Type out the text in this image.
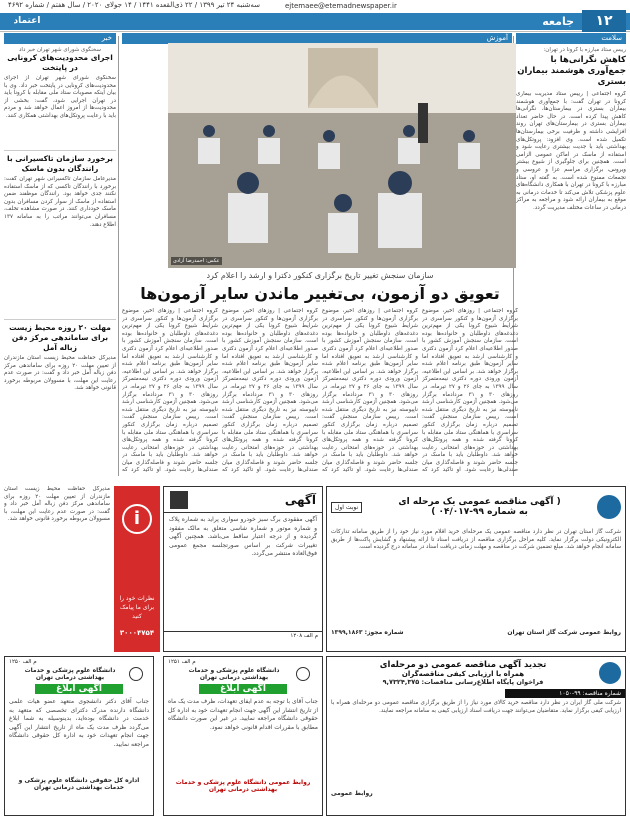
سه‌شنبه ۲۴ تیر ۱۳۹۹ / ۲۲ ذی‌القعده ۱۴۴۱ / ۱۴ جولای ۲۰۲۰ / سال هفتم / شماره ۴۶۹۲	ejtemaee@etemadnewspaper.ir
۱۲
جامعه
اعتماد
سلامت
رییس ستاد مبارزه با کرونا در تهران:
کاهش نگرانی‌ها با جمع‌آوری هوشمند بیماران بستری
گروه اجتماعی | رییس ستاد مدیریت بیماری کرونا در تهران گفت: با جمع‌آوری هوشمند بیماران بستری در بیمارستان‌ها، نگرانی‌ها کاهش پیدا کرده است. در حال حاضر تعداد بیماران بستری در بیمارستان‌های تهران روند افزایشی داشته و ظرفیت برخی بیمارستان‌ها تکمیل شده است. وی افزود: پروتکل‌های بهداشتی باید با جدیت بیشتری رعایت شود و استفاده از ماسک در اماکن عمومی الزامی است. همچنین برای جلوگیری از شیوع بیشتر ویروس، برگزاری مراسم عزا و عروسی و تجمعات ممنوع شده است. به گفته او، ستاد مبارزه با کرونا در تهران با همکاری دانشگاه‌های علوم پزشکی تلاش می‌کند تا خدمات درمانی به موقع به بیماران ارائه شود و مراجعه به مراکز درمانی در ساعات مختلف مدیریت گردد.
خبر
سخنگوی شورای شهر تهران خبر داد
اجرای محدودیت‌های کرونایی در پایتخت
سخنگوی شورای شهر تهران از اجرای محدودیت‌های کرونایی در پایتخت خبر داد. وی با بیان اینکه مصوبات ستاد ملی مقابله با کرونا باید در تهران اجرایی شود، گفت: بخشی از محدودیت‌ها از امروز اعمال خواهد شد و مردم باید با رعایت پروتکل‌های بهداشتی همکاری کنند.
برخورد سازمان تاکسیرانی با رانندگان بدون ماسک
مدیرعامل سازمان تاکسیرانی شهر تهران گفت: برخورد با رانندگان تاکسی که از ماسک استفاده نکنند جدی خواهد بود. رانندگان موظفند ضمن استفاده از ماسک از سوار کردن مسافران بدون ماسک خودداری کنند. در صورت مشاهده تخلف، مسافران می‌توانند مراتب را به سامانه ۱۳۷ اطلاع دهند.
مهلت ۲۰ روزه محیط زیست برای ساماندهی مرکز دفن زباله آمل
مدیرکل حفاظت محیط زیست استان مازندران از تعیین مهلت ۲۰ روزه برای ساماندهی مرکز دفن زباله آمل خبر داد و گفت: در صورت عدم رعایت این مهلت، با مسوولان مربوطه برخورد قانونی خواهد شد.
آموزش
عکس: احمدرضا آزادی
سازمان سنجش تغییر تاریخ برگزاری کنکور دکترا و ارشد را اعلام کرد
تعویق دو آزمون، بی‌تغییر ماندن سایر آزمون‌ها
گروه اجتماعی | روزهای اخیر، موضوع برگزاری آزمون‌ها و کنکور سراسری در شرایط شیوع کرونا یکی از مهم‌ترین دغدغه‌های داوطلبان و خانواده‌ها بوده است. سازمان سنجش آموزش کشور با صدور اطلاعیه‌ای اعلام کرد آزمون دکتری و کارشناسی ارشد به تعویق افتاده اما سایر آزمون‌ها طبق برنامه اعلام شده برگزار خواهد شد. بر اساس این اطلاعیه، آزمون ورودی دوره دکتری نیمه‌متمرکز سال ۱۳۹۹ به جای ۲۶ و ۲۷ تیرماه، در روزهای ۳۰ و ۳۱ مردادماه برگزار می‌شود. همچنین آزمون کارشناسی ارشد ناپیوسته نیز به تاریخ دیگری منتقل شده است. رییس سازمان سنجش گفت: تصمیم درباره زمان برگزاری کنکور سراسری با هماهنگی ستاد ملی مقابله با کرونا گرفته شده و همه پروتکل‌های بهداشتی در حوزه‌های امتحانی رعایت خواهد شد. داوطلبان باید با ماسک در جلسه حاضر شوند و فاصله‌گذاری میان صندلی‌ها رعایت شود. او تاکید کرد که
گروه اجتماعی | روزهای اخیر، موضوع برگزاری آزمون‌ها و کنکور سراسری در شرایط شیوع کرونا یکی از مهم‌ترین دغدغه‌های داوطلبان و خانواده‌ها بوده است. سازمان سنجش آموزش کشور با صدور اطلاعیه‌ای اعلام کرد آزمون دکتری و کارشناسی ارشد به تعویق افتاده اما سایر آزمون‌ها طبق برنامه اعلام شده برگزار خواهد شد. بر اساس این اطلاعیه، آزمون ورودی دوره دکتری نیمه‌متمرکز سال ۱۳۹۹ به جای ۲۶ و ۲۷ تیرماه، در روزهای ۳۰ و ۳۱ مردادماه برگزار می‌شود. همچنین آزمون کارشناسی ارشد ناپیوسته نیز به تاریخ دیگری منتقل شده است. رییس سازمان سنجش گفت: تصمیم درباره زمان برگزاری کنکور سراسری با هماهنگی ستاد ملی مقابله با کرونا گرفته شده و همه پروتکل‌های بهداشتی در حوزه‌های امتحانی رعایت خواهد شد. داوطلبان باید با ماسک در جلسه حاضر شوند و فاصله‌گذاری میان صندلی‌ها رعایت شود. او تاکید کرد که
گروه اجتماعی | روزهای اخیر، موضوع برگزاری آزمون‌ها و کنکور سراسری در شرایط شیوع کرونا یکی از مهم‌ترین دغدغه‌های داوطلبان و خانواده‌ها بوده است. سازمان سنجش آموزش کشور با صدور اطلاعیه‌ای اعلام کرد آزمون دکتری و کارشناسی ارشد به تعویق افتاده اما سایر آزمون‌ها طبق برنامه اعلام شده برگزار خواهد شد. بر اساس این اطلاعیه، آزمون ورودی دوره دکتری نیمه‌متمرکز سال ۱۳۹۹ به جای ۲۶ و ۲۷ تیرماه، در روزهای ۳۰ و ۳۱ مردادماه برگزار می‌شود. همچنین آزمون کارشناسی ارشد ناپیوسته نیز به تاریخ دیگری منتقل شده است. رییس سازمان سنجش گفت: تصمیم درباره زمان برگزاری کنکور سراسری با هماهنگی ستاد ملی مقابله با کرونا گرفته شده و همه پروتکل‌های بهداشتی در حوزه‌های امتحانی رعایت خواهد شد. داوطلبان باید با ماسک در جلسه حاضر شوند و فاصله‌گذاری میان صندلی‌ها رعایت شود. او تاکید کرد که
گروه اجتماعی | روزهای اخیر، موضوع برگزاری آزمون‌ها و کنکور سراسری در شرایط شیوع کرونا یکی از مهم‌ترین دغدغه‌های داوطلبان و خانواده‌ها بوده است. سازمان سنجش آموزش کشور با صدور اطلاعیه‌ای اعلام کرد آزمون دکتری و کارشناسی ارشد به تعویق افتاده اما سایر آزمون‌ها طبق برنامه اعلام شده برگزار خواهد شد. بر اساس این اطلاعیه، آزمون ورودی دوره دکتری نیمه‌متمرکز سال ۱۳۹۹ به جای ۲۶ و ۲۷ تیرماه، در روزهای ۳۰ و ۳۱ مردادماه برگزار می‌شود. همچنین آزمون کارشناسی ارشد ناپیوسته نیز به تاریخ دیگری منتقل شده است. رییس سازمان سنجش گفت: تصمیم درباره زمان برگزاری کنکور سراسری با هماهنگی ستاد ملی مقابله با کرونا گرفته شده و همه پروتکل‌های بهداشتی در حوزه‌های امتحانی رعایت خواهد شد. داوطلبان باید با ماسک در جلسه حاضر شوند و فاصله‌گذاری میان صندلی‌ها رعایت شود. او تاکید کرد که
( آگهی مناقصه عمومی یک مرحله ای
به شماره ۹۹-۰۴/۰۱۷ )
نوبت اول
شرکت گاز استان تهران در نظر دارد مناقصه عمومی یک مرحله‌ای خرید اقلام مورد نیاز خود را از طریق سامانه تدارکات الکترونیکی دولت برگزار نماید. کلیه مراحل برگزاری مناقصه از دریافت اسناد تا ارائه پیشنهاد و گشایش پاکت‌ها از طریق سامانه انجام خواهد شد. مبلغ تضمین شرکت در مناقصه و مهلت زمانی دریافت اسناد در سامانه درج گردیده است.
روابط عمومی شرکت گاز استان تهران
شماره مجوز: ۱۳۹۹,۱۸۶۳
آگهی
آگهی مفقودی برگ سبز خودرو سواری پراید به شماره پلاک و شماره موتور و شماره شاسی متعلق به مالک مفقود گردیده و از درجه اعتبار ساقط می‌باشد. همچنین آگهی تغییرات شرکت بر اساس صورتجلسه مجمع عمومی فوق‌العاده منتشر می‌گردد.
م الف ۱۲۰۸
i
نظرات خود را برای ما پیامک کنید
۳۰۰۰۴۷۵۴
مدیرکل حفاظت محیط زیست استان مازندران از تعیین مهلت ۲۰ روزه برای ساماندهی مرکز دفن زباله آمل خبر داد و گفت: در صورت عدم رعایت این مهلت، با مسوولان مربوطه برخورد قانونی خواهد شد.
م الف ۱۲۵۰
دانشگاه علوم پزشکی و خدمات بهداشتی درمانی تهران
آگهی ابلاغ
جناب آقای دکتر دانشجوی متعهد عضو هیات علمی دانشگاه دارنده مدرک دکترای تخصصی که متعهد به خدمت در دانشگاه بوده‌اید، بدینوسیله به شما ابلاغ می‌گردد ظرف مدت یک ماه از تاریخ انتشار این آگهی جهت انجام تعهدات خود به اداره کل حقوقی دانشگاه مراجعه نمایید.
اداره کل حقوقی دانشگاه علوم پزشکی و خدمات بهداشتی درمانی تهران
م الف ۱۲۵۱
دانشگاه علوم پزشکی و خدمات بهداشتی درمانی تهران
آگهی ابلاغ
جناب آقای با توجه به عدم ایفای تعهدات، ظرف مدت یک ماه از تاریخ انتشار این آگهی جهت انجام تعهدات خود به اداره کل حقوقی دانشگاه مراجعه نمایید. در غیر این صورت دانشگاه مطابق با مقررات اقدام قانونی خواهد نمود.
روابط عمومی دانشگاه علوم پزشکی و خدمات بهداشتی درمانی تهران
تجدید آگهی مناقصه عمومی دو مرحله‌ای
همراه با ارزیابی کیفی مناقصه‌گران
فراخوان پایگاه اطلاع‌رسانی مناقصات: ۹,۷۳۲۴,۳۷۵
شماره مناقصه: ۹۹-۱۰۵۰
شرکت ملی گاز ایران در نظر دارد مناقصه خرید کالای مورد نیاز را از طریق برگزاری مناقصه عمومی دو مرحله‌ای همراه با ارزیابی کیفی برگزار نماید. متقاضیان می‌توانند جهت دریافت اسناد ارزیابی کیفی به سامانه مراجعه نمایند.
روابط عمومی
